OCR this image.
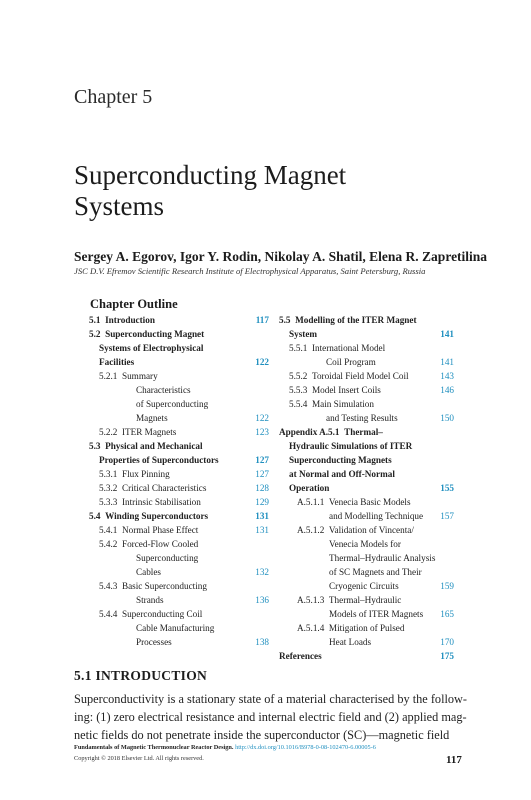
Chapter 5
Superconducting Magnet
Systems
Sergey A. Egorov, Igor Y. Rodin, Nikolay A. Shatil, Elena R. Zapretilina
JSC D.V. Efremov Scientific Research Institute of Electrophysical Apparatus, Saint Petersburg, Russia
Chapter Outline
5.1 Introduction	117
5.2 Superconducting Magnet
Systems of Electrophysical
Facilities	122
5.2.1 Summary
Characteristics
of Superconducting
Magnets	122
5.2.2 ITER Magnets	123
5.3 Physical and Mechanical
Properties of Superconductors	127
5.3.1 Flux Pinning	127
5.3.2 Critical Characteristics	128
5.3.3 Intrinsic Stabilisation	129
5.4 Winding Superconductors	131
5.4.1 Normal Phase Effect	131
5.4.2 Forced-Flow Cooled
Superconducting
Cables	132
5.4.3 Basic Superconducting
Strands	136
5.4.4 Superconducting Coil
Cable Manufacturing
Processes	138
5.5 Modelling of the ITER Magnet
System	141
5.5.1 International Model
Coil Program	141
5.5.2 Toroidal Field Model Coil	143
5.5.3 Model Insert Coils	146
5.5.4 Main Simulation
and Testing Results	150
Appendix A.5.1 Thermal–
Hydraulic Simulations of ITER
Superconducting Magnets
at Normal and Off-Normal
Operation	155
A.5.1.1 Venecia Basic Models
and Modelling Technique	157
A.5.1.2 Validation of Vincenta/
Venecia Models for
Thermal–Hydraulic Analysis
of SC Magnets and Their
Cryogenic Circuits	159
A.5.1.3 Thermal–Hydraulic
Models of ITER Magnets	165
A.5.1.4 Mitigation of Pulsed
Heat Loads	170
References	175
5.1 INTRODUCTION
Superconductivity is a stationary state of a material characterised by the follow-
ing: (1) zero electrical resistance and internal electric field and (2) applied mag-
netic fields do not penetrate inside the superconductor (SC)—magnetic field
Fundamentals of Magnetic Thermonuclear Reactor Design. http://dx.doi.org/10.1016/B978-0-08-102470-6.00005-6
Copyright © 2018 Elsevier Ltd. All rights reserved.	117
